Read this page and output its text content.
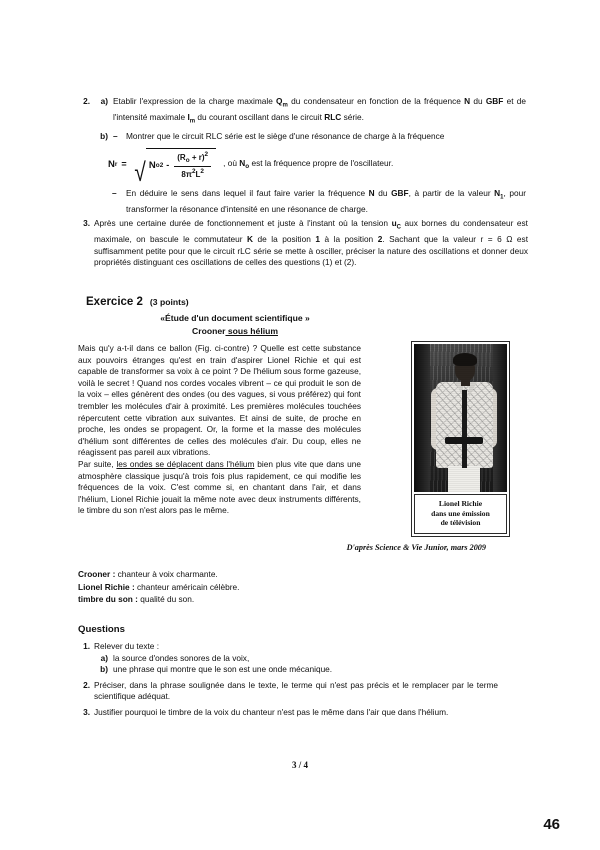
2.	a) Etablir l'expression de la charge maximale $Q_m$ du condensateur en fonction de la fréquence N du GBF et de l'intensité maximale $I_m$ du courant oscillant dans le circuit RLC série.
b) – Montrer que le circuit RLC série est le siège d'une résonance de charge à la fréquence
N r = √ N o $2 - \frac{(R_o + r)^2}{8\pi^2L^2}$ , où $N_o$ est la fréquence propre de l'oscillateur.
– En déduire le sens dans lequel il faut faire varier la fréquence N du GBF, à partir de la valeur $N_1$, pour transformer la résonance d'intensité en une résonance de charge.
3. Après une certaine durée de fonctionnement et juste à l'instant où la tension $u_C$ aux bornes du condensateur est maximale, on bascule le commutateur K de la position 1 à la position 2. Sachant que la valeur r = 6 Ω est suffisamment petite pour que le circuit rLC série se mette à osciller, préciser la nature des oscillations et donner deux propriétés distinguant ces oscillations de celles des questions (1) et (2).
Exercice 2 (3 points)
«Étude d'un document scientifique »
Crooner sous hélium

Mais qu'y a-t-il dans ce ballon (Fig. ci-contre) ? Quelle est cette substance aux pouvoirs étranges qu'est en train d'aspirer Lionel Richie et qui est capable de transformer sa voix à ce point ? De l'hélium sous forme gazeuse, voilà le secret ! Quand nos cordes vocales vibrent – ce qui produit le son de la voix – elles génèrent des ondes (ou des vagues, si vous préférez) qui font trembler les molécules d'air à proximité. Les premières molécules touchées répercutent cette vibration aux suivantes. Et ainsi de suite, de proche en proche, les ondes se propagent. Or, la forme et la masse des molécules d'hélium sont différentes de celles des molécules d'air. Du coup, elles ne réagissent pas pareil aux vibrations.

Par suite, les ondes se déplacent dans l'hélium bien plus vite que dans une atmosphère classique jusqu'à trois fois plus rapidement, ce qui modifie les fréquences de la voix. C'est comme si, en chantant dans l'air, et dans l'hélium, Lionel Richie jouait la même note avec deux instruments différents, le timbre du son n'est alors pas le même.

D'après Science & Vie Junior, mars 2009
Lionel Richie
dans une émission
de télévision
Crooner : chanteur à voix charmante.
Lionel Richie : chanteur américain célèbre.
timbre du son : qualité du son.
Questions
1. Relever du texte :
a) la source d'ondes sonores de la voix,
b) une phrase qui montre que le son est une onde mécanique.
2. Préciser, dans la phrase soulignée dans le texte, le terme qui n'est pas précis et le remplacer par le terme scientifique adéquat.
3. Justifier pourquoi le timbre de la voix du chanteur n'est pas le même dans l'air que dans l'hélium.
3 / 4
46
